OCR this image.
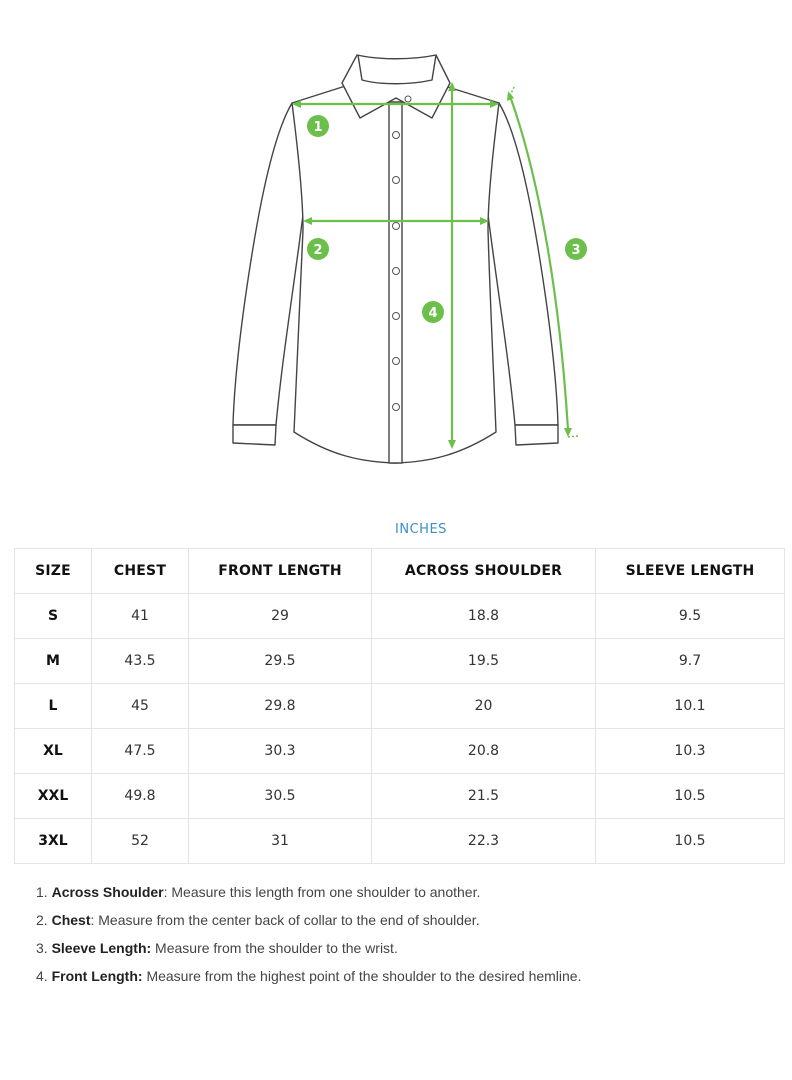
1
2	3
4
INCHES
SIZE	CHEST	FRONT LENGTH	ACROSS SHOULDER	SLEEVE LENGTH
S	41	29	18.8	9.5
M	43.5	29.5	19.5	9.7
L	45	29.8	20	10.1
XL	47.5	30.3	20.8	10.3
XXL	49.8	30.5	21.5	10.5
3XL	52	31	22.3	10.5
1. Across Shoulder: Measure this length from one shoulder to another.
2. Chest: Measure from the center back of collar to the end of shoulder.
3. Sleeve Length: Measure from the shoulder to the wrist.
4. Front Length: Measure from the highest point of the shoulder to the desired hemline.
